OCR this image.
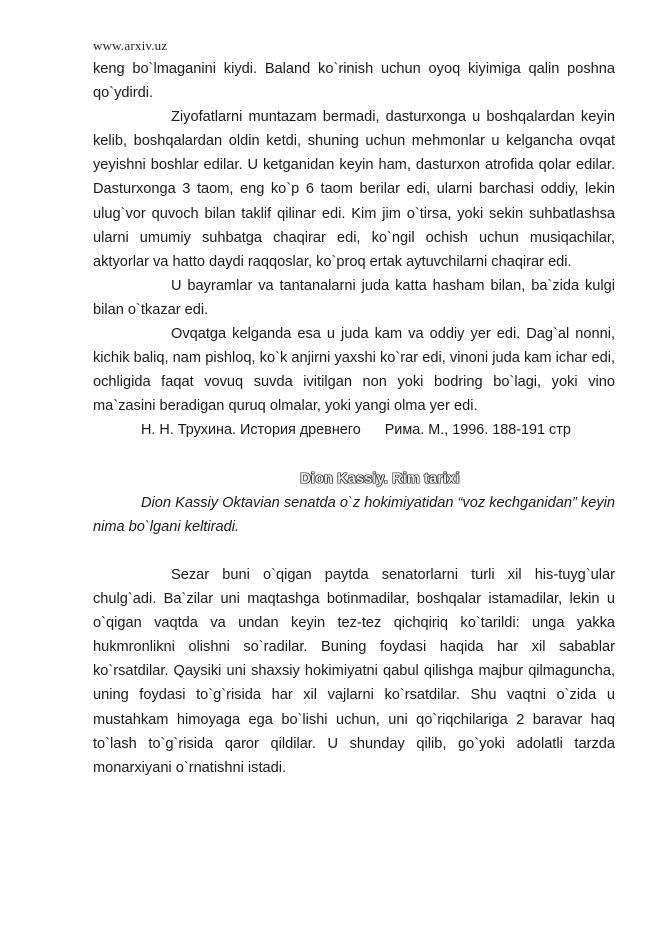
www.arxiv.uz

keng bo`lmaganini kiydi. Baland ko`rinish uchun oyoq kiyimiga qalin poshna qo`ydirdi.

Ziyofatlarni muntazam bermadi, dasturxonga u boshqalardan keyin kelib, boshqalardan oldin ketdi, shuning uchun mehmonlar u kelgancha ovqat yeyishni boshlar edilar. U ketganidan keyin ham, dasturxon atrofida qolar edilar. Dasturxonga 3 taom, eng ko`p 6 taom berilar edi, ularni barchasi oddiy, lekin ulug`vor quvoch bilan taklif qilinar edi. Kim jim o`tirsa, yoki sekin suhbatlashsa ularni umumiy suhbatga chaqirar edi, ko`ngil ochish uchun musiqachilar, aktyorlar va hatto daydi raqqoslar, ko`proq ertak aytuvchilarni chaqirar edi.

U bayramlar va tantanalarni juda katta hasham bilan, ba`zida kulgi bilan o`tkazar edi.

Ovqatga kelganda esa u juda kam va oddiy yer edi. Dag`al nonni, kichik baliq, nam pishloq, ko`k anjirni yaxshi ko`rar edi, vinoni juda kam ichar edi, ochligida faqat vovuq suvda ivitilgan non yoki bodring bo`lagi, yoki vino ma`zasini beradigan quruq olmalar, yoki yangi olma yer edi.

Н. Н. Трухина. История древнего      Рима. М., 1996. 188-191 стр

Dion Kassiy. Rim tarixi

Dion Kassiy Oktavian senatda o`z hokimiyatidan “voz kechganidan” keyin nima bo`lgani keltiradi.

Sezar buni o`qigan paytda senatorlarni turli xil his-tuyg`ular chulg`adi. Ba`zilar uni maqtashga botinmadilar, boshqalar istamadilar, lekin u o`qigan vaqtda va undan keyin tez-tez qichqiriq ko`tarildi: unga yakka hukmronlikni olishni so`radilar. Buning foydasi haqida har xil sabablar ko`rsatdilar. Qaysiki uni shaxsiy hokimiyatni qabul qilishga majbur qilmaguncha, uning foydasi to`g`risida har xil vajlarni ko`rsatdilar. Shu vaqtni o`zida u mustahkam himoyaga ega bo`lishi uchun, uni qo`riqchilariga 2 baravar haq to`lash to`g`risida qaror qildilar. U shunday qilib, go`yoki adolatli tarzda monarxiyani o`rnatishni istadi.
